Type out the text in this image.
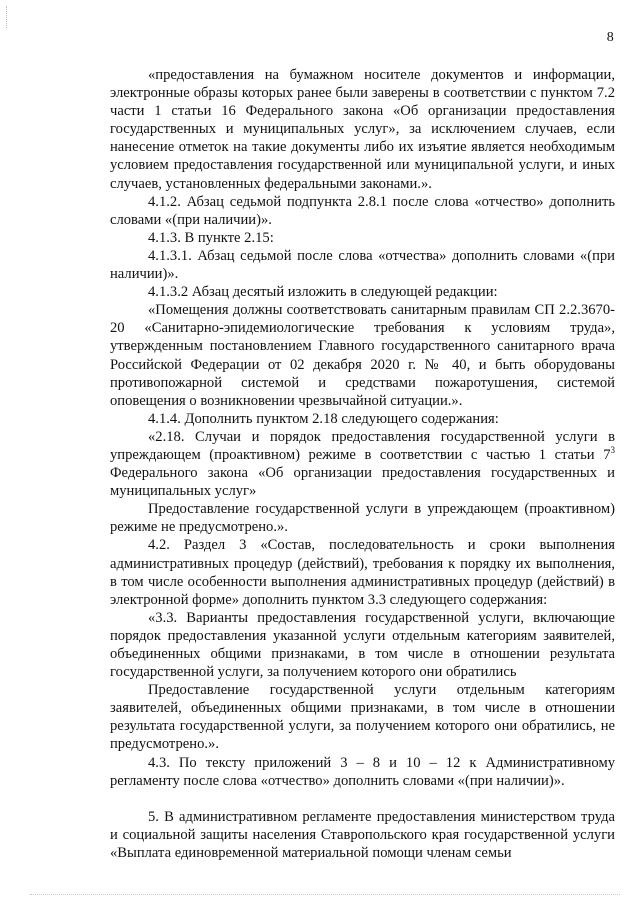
8

«предоставления на бумажном носителе документов и информации, электронные образы которых ранее были заверены в соответствии с пунктом 7.2 части 1 статьи 16 Федерального закона «Об организации предоставления государственных и муниципальных услуг», за исключением случаев, если нанесение отметок на такие документы либо их изъятие является необходимым условием предоставления государственной или муниципальной услуги, и иных случаев, установленных федеральными законами.».

4.1.2. Абзац седьмой подпункта 2.8.1 после слова «отчество» дополнить словами «(при наличии)».

4.1.3. В пункте 2.15:

4.1.3.1. Абзац седьмой после слова «отчества» дополнить словами «(при наличии)».

4.1.3.2 Абзац десятый изложить в следующей редакции:

«Помещения должны соответствовать санитарным правилам СП 2.2.3670-20 «Санитарно-эпидемиологические требования к условиям труда», утвержденным постановлением Главного государственного санитарного врача Российской Федерации от 02 декабря 2020 г. № 40, и быть оборудованы противопожарной системой и средствами пожаротушения, системой оповещения о возникновении чрезвычайной ситуации.».

4.1.4. Дополнить пунктом 2.18 следующего содержания:

«2.18. Случаи и порядок предоставления государственной услуги в упреждающем (проактивном) режиме в соответствии с частью 1 статьи $7^3$ Федерального закона «Об организации предоставления государственных и муниципальных услуг»

Предоставление государственной услуги в упреждающем (проактивном) режиме не предусмотрено.».

4.2. Раздел 3 «Состав, последовательность и сроки выполнения административных процедур (действий), требования к порядку их выполнения, в том числе особенности выполнения административных процедур (действий) в электронной форме» дополнить пунктом 3.3 следующего содержания:

«3.3. Варианты предоставления государственной услуги, включающие порядок предоставления указанной услуги отдельным категориям заявителей, объединенных общими признаками, в том числе в отношении результата государственной услуги, за получением которого они обратились

Предоставление государственной услуги отдельным категориям заявителей, объединенных общими признаками, в том числе в отношении результата государственной услуги, за получением которого они обратились, не предусмотрено.».

4.3. По тексту приложений 3 – 8 и 10 – 12 к Административному регламенту после слова «отчество» дополнить словами «(при наличии)».

5. В административном регламенте предоставления министерством труда и социальной защиты населения Ставропольского края государственной услуги «Выплата единовременной материальной помощи членам семьи
